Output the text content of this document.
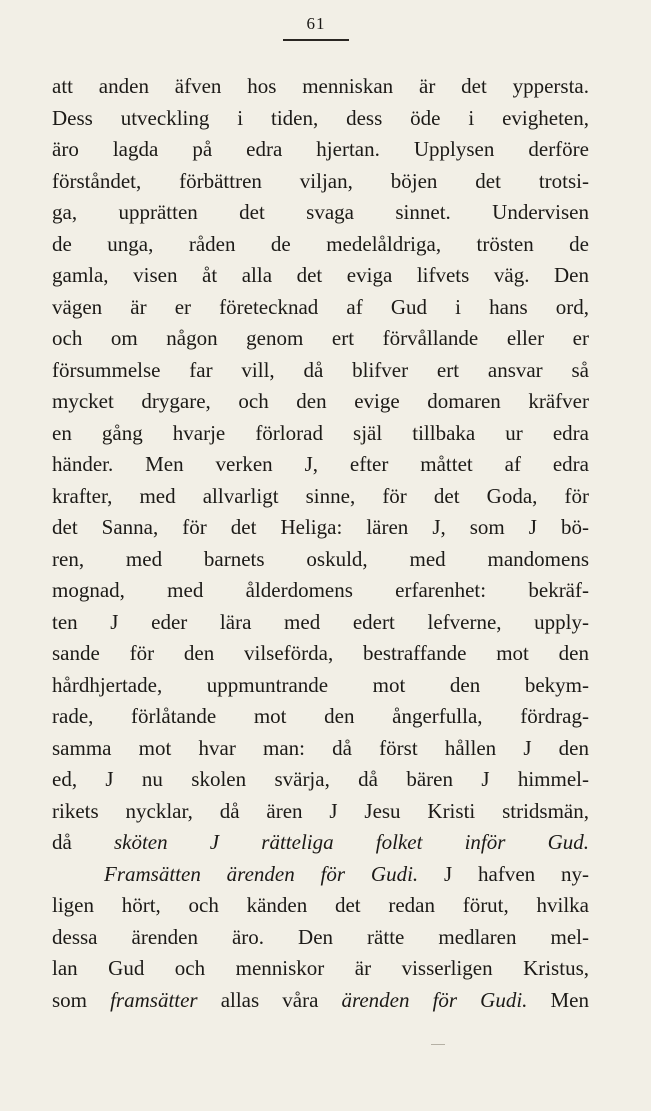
61
att anden äfven hos menniskan är det yppersta.
Dess utveckling i tiden, dess öde i evigheten,
äro lagda på edra hjertan. Upplysen derföre
förståndet, förbättren viljan, böjen det trotsi-
ga, upprätten det svaga sinnet. Undervisen
de unga, råden de medelåldriga, trösten de
gamla, visen åt alla det eviga lifvets väg. Den
vägen är er företecknad af Gud i hans ord,
och om någon genom ert förvållande eller er
försummelse far vill, då blifver ert ansvar så
mycket drygare, och den evige domaren kräfver
en gång hvarje förlorad själ tillbaka ur edra
händer. Men verken J, efter måttet af edra
krafter, med allvarligt sinne, för det Goda, för
det Sanna, för det Heliga: lären J, som J bö-
ren, med barnets oskuld, med mandomens
mognad, med ålderdomens erfarenhet: bekräf-
ten J eder lära med edert lefverne, upply-
sande för den vilseförda, bestraffande mot den
hårdhjertade, uppmuntrande mot den bekym-
rade, förlåtande mot den ångerfulla, fördrag-
samma mot hvar man: då först hållen J den
ed, J nu skolen svärja, då bären J himmel-
rikets nycklar, då ären J Jesu Kristi stridsmän,
då sköten J rätteliga folket inför Gud.
Framsätten ärenden för Gudi. J hafven ny-
ligen hört, och känden det redan förut, hvilka
dessa ärenden äro. Den rätte medlaren mel-
lan Gud och menniskor är visserligen Kristus,
som framsätter allas våra ärenden för Gudi. Men
